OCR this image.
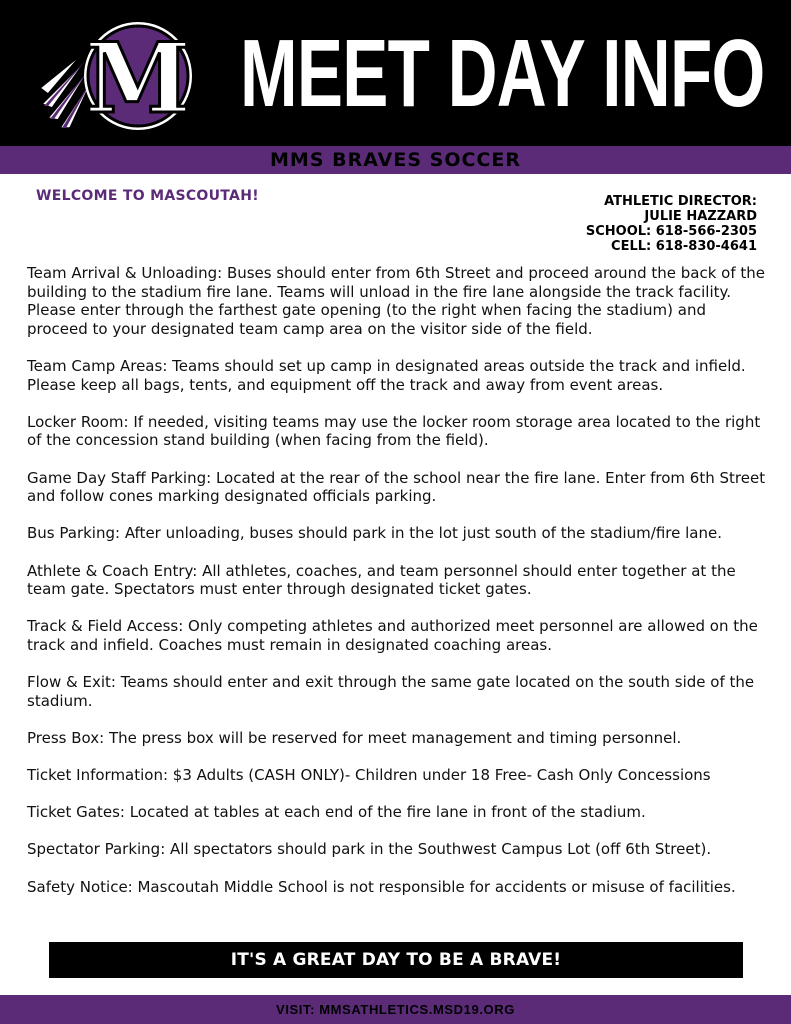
M MEET DAY INFO
MMS BRAVES SOCCER
WELCOME TO MASCOUTAH!	ATHLETIC DIRECTOR:
JULIE HAZZARD
SCHOOL: 618-566-2305
CELL: 618-830-4641

Team Arrival & Unloading: Buses should enter from 6th Street and proceed around the back of the building to the stadium fire lane. Teams will unload in the fire lane alongside the track facility. Please enter through the farthest gate opening (to the right when facing the stadium) and proceed to your designated team camp area on the visitor side of the field.

Team Camp Areas: Teams should set up camp in designated areas outside the track and infield. Please keep all bags, tents, and equipment off the track and away from event areas.

Locker Room: If needed, visiting teams may use the locker room storage area located to the right of the concession stand building (when facing from the field).

Game Day Staff Parking: Located at the rear of the school near the fire lane. Enter from 6th Street and follow cones marking designated officials parking.

Bus Parking: After unloading, buses should park in the lot just south of the stadium/fire lane.

Athlete & Coach Entry: All athletes, coaches, and team personnel should enter together at the team gate. Spectators must enter through designated ticket gates.

Track & Field Access: Only competing athletes and authorized meet personnel are allowed on the track and infield. Coaches must remain in designated coaching areas.

Flow & Exit: Teams should enter and exit through the same gate located on the south side of the stadium.

Press Box: The press box will be reserved for meet management and timing personnel.

Ticket Information: $3 Adults (CASH ONLY)- Children under 18 Free- Cash Only Concessions

Ticket Gates: Located at tables at each end of the fire lane in front of the stadium.

Spectator Parking: All spectators should park in the Southwest Campus Lot (off 6th Street).

Safety Notice: Mascoutah Middle School is not responsible for accidents or misuse of facilities.

IT'S A GREAT DAY TO BE A BRAVE!
VISIT: MMSATHLETICS.MSD19.ORG
